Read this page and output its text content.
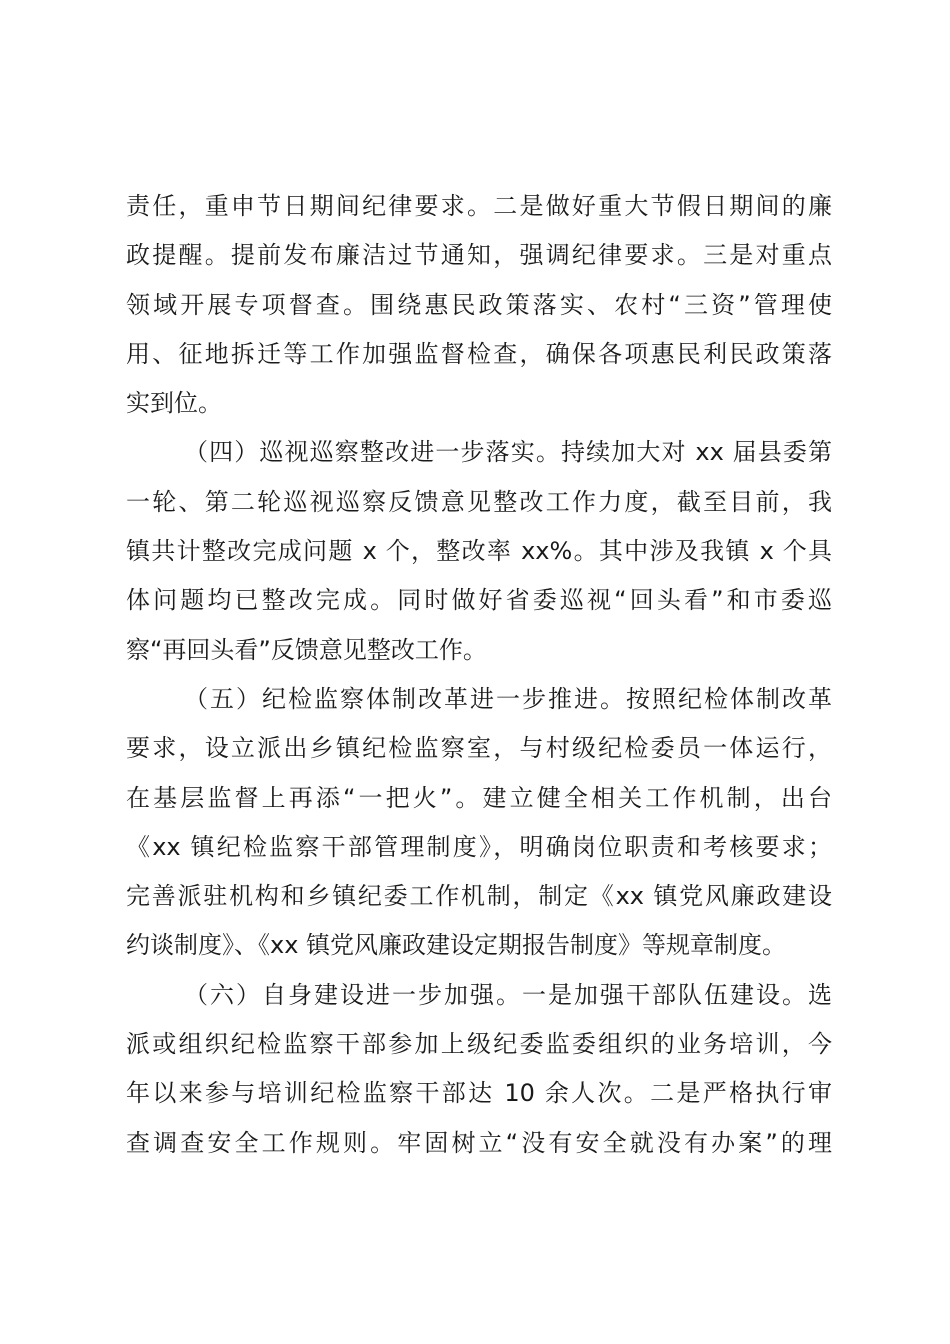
责任，重申节日期间纪律要求。二是做好重大节假日期间的廉
政提醒。提前发布廉洁过节通知，强调纪律要求。三是对重点
领域开展专项督查。围绕惠民政策落实、农村“三资”管理使
用、征地拆迁等工作加强监督检查，确保各项惠民利民政策落
实到位。
（四）巡视巡察整改进一步落实。持续加大对 xx 届县委第
一轮、第二轮巡视巡察反馈意见整改工作力度，截至目前，我
镇共计整改完成问题 x 个，整改率 xx%。其中涉及我镇 x 个具
体问题均已整改完成。同时做好省委巡视“回头看”和市委巡
察“再回头看”反馈意见整改工作。
（五）纪检监察体制改革进一步推进。按照纪检体制改革
要求，设立派出乡镇纪检监察室，与村级纪检委员一体运行，
在基层监督上再添“一把火”。建立健全相关工作机制，出台
《xx 镇纪检监察干部管理制度》，明确岗位职责和考核要求；
完善派驻机构和乡镇纪委工作机制，制定《xx 镇党风廉政建设
约谈制度》、《xx 镇党风廉政建设定期报告制度》等规章制度。
（六）自身建设进一步加强。一是加强干部队伍建设。选
派或组织纪检监察干部参加上级纪委监委组织的业务培训，今
年以来参与培训纪检监察干部达 10 余人次。二是严格执行审
查调查安全工作规则。牢固树立“没有安全就没有办案”的理
